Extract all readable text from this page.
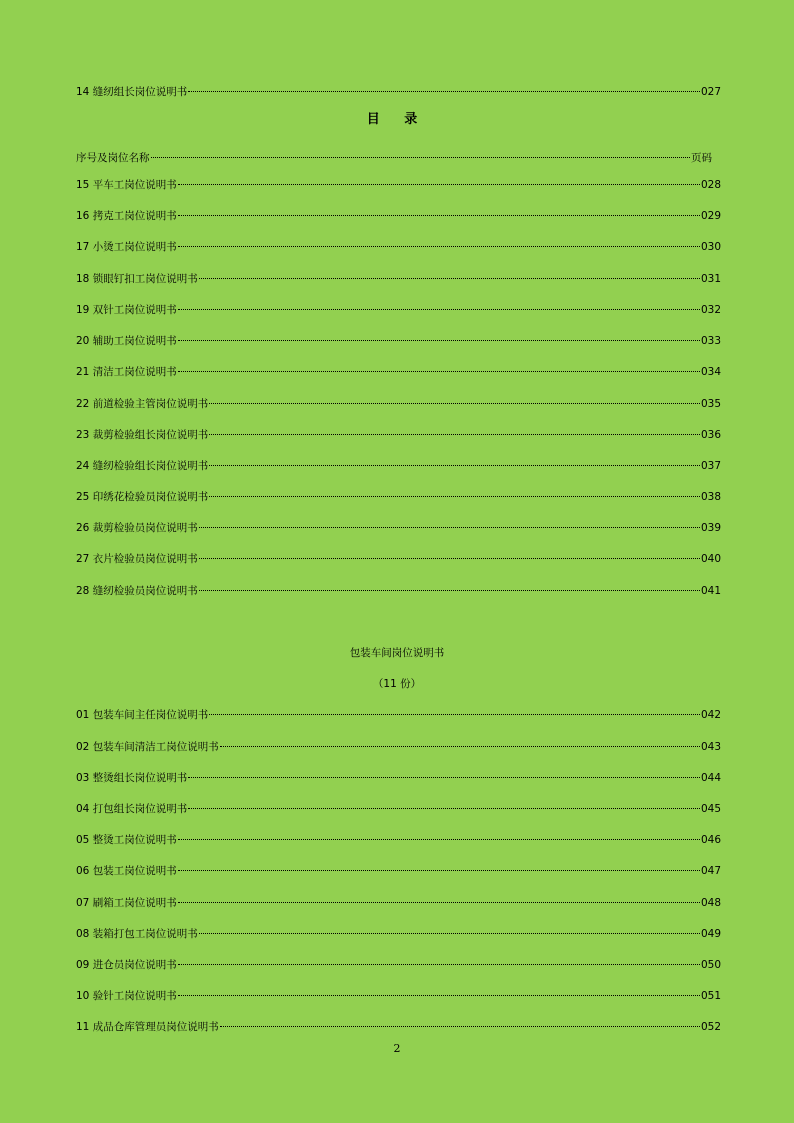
14 缝纫组长岗位说明书	027
目 录
序号及岗位名称	页码
15 平车工岗位说明书	028
16 拷克工岗位说明书	029
17 小烫工岗位说明书	030
18 锁眼钉扣工岗位说明书	031
19 双针工岗位说明书	032
20 辅助工岗位说明书	033
21 清洁工岗位说明书	034
22 前道检验主管岗位说明书	035
23 裁剪检验组长岗位说明书	036
24 缝纫检验组长岗位说明书	037
25 印绣花检验员岗位说明书	038
26 裁剪检验员岗位说明书	039
27 衣片检验员岗位说明书	040
28 缝纫检验员岗位说明书	041
包装车间岗位说明书
（11 份）
01 包装车间主任岗位说明书	042
02 包装车间清洁工岗位说明书	043
03 整烫组长岗位说明书	044
04 打包组长岗位说明书	045
05 整烫工岗位说明书	046
06 包装工岗位说明书	047
07 刷箱工岗位说明书	048
08 装箱打包工岗位说明书	049
09 进仓员岗位说明书	050
10 验针工岗位说明书	051
11 成品仓库管理员岗位说明书	052
2
